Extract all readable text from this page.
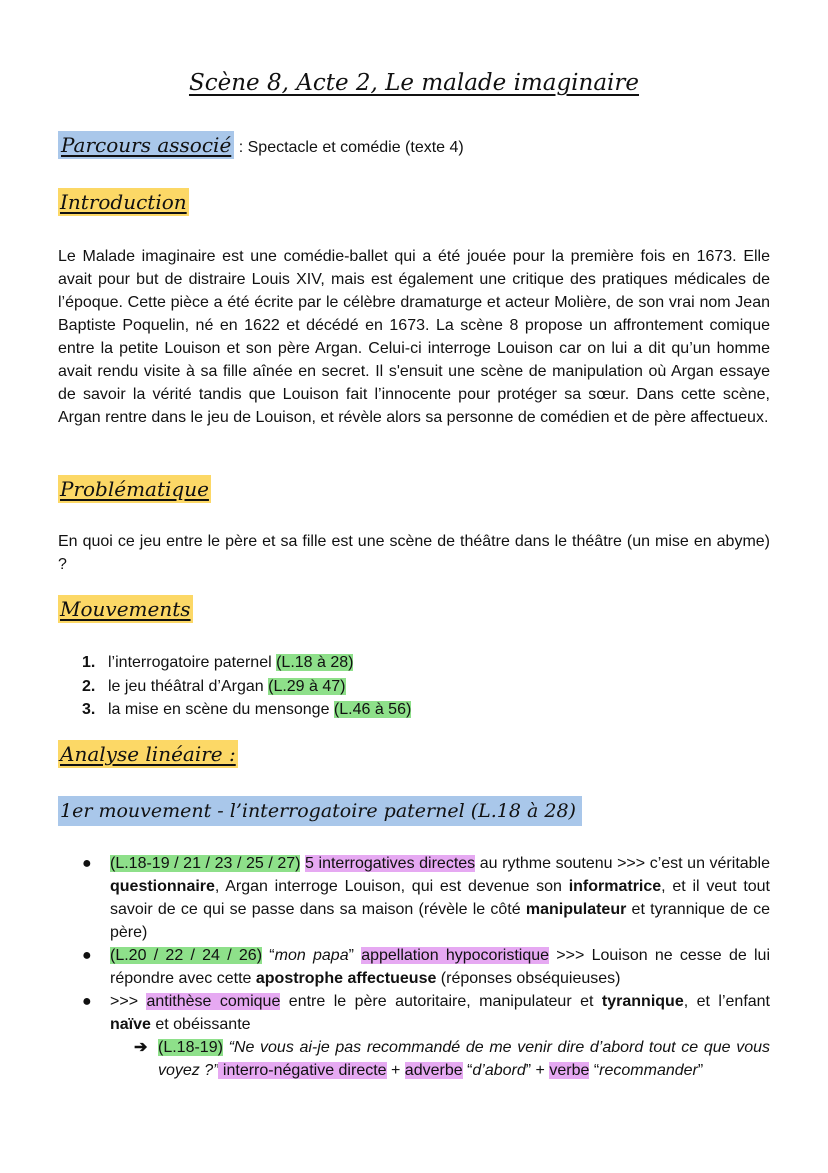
Scène 8, Acte 2, Le malade imaginaire
Parcours associé : Spectacle et comédie (texte 4)
Introduction

Le Malade imaginaire est une comédie-ballet qui a été jouée pour la première fois en 1673. Elle avait pour but de distraire Louis XIV, mais est également une critique des pratiques médicales de l’époque. Cette pièce a été écrite par le célèbre dramaturge et acteur Molière, de son vrai nom Jean Baptiste Poquelin, né en 1622 et décédé en 1673. La scène 8 propose un affrontement comique entre la petite Louison et son père Argan. Celui-ci interroge Louison car on lui a dit qu’un homme avait rendu visite à sa fille aînée en secret. Il s'ensuit une scène de manipulation où Argan essaye de savoir la vérité tandis que Louison fait l’innocente pour protéger sa sœur. Dans cette scène, Argan rentre dans le jeu de Louison, et révèle alors sa personne de comédien et de père affectueux.

Problématique

En quoi ce jeu entre le père et sa fille est une scène de théâtre dans le théâtre (un mise en abyme) ?

Mouvements
1. l’interrogatoire paternel (L.18 à 28)
2. le jeu théâtral d’Argan (L.29 à 47)
3. la mise en scène du mensonge (L.46 à 56)
Analyse linéaire :
1er mouvement - l’interrogatoire paternel (L.18 à 28)
● (L.18-19 / 21 / 23 / 25 / 27) 5 interrogatives directes au rythme soutenu >>> c’est un véritable questionnaire, Argan interroge Louison, qui est devenue son informatrice, et il veut tout savoir de ce qui se passe dans sa maison (révèle le côté manipulateur et tyrannique de ce père)
● (L.20 / 22 / 24 / 26) “mon papa” appellation hypocoristique >>> Louison ne cesse de lui répondre avec cette apostrophe affectueuse (réponses obséquieuses)
● >>> antithèse comique entre le père autoritaire, manipulateur et tyrannique, et l’enfant naïve et obéissante

➔ (L.18-19) “Ne vous ai-je pas recommandé de me venir dire d’abord tout ce que vous voyez ?” interro-négative directe + adverbe “d’abord” + verbe “recommander”
